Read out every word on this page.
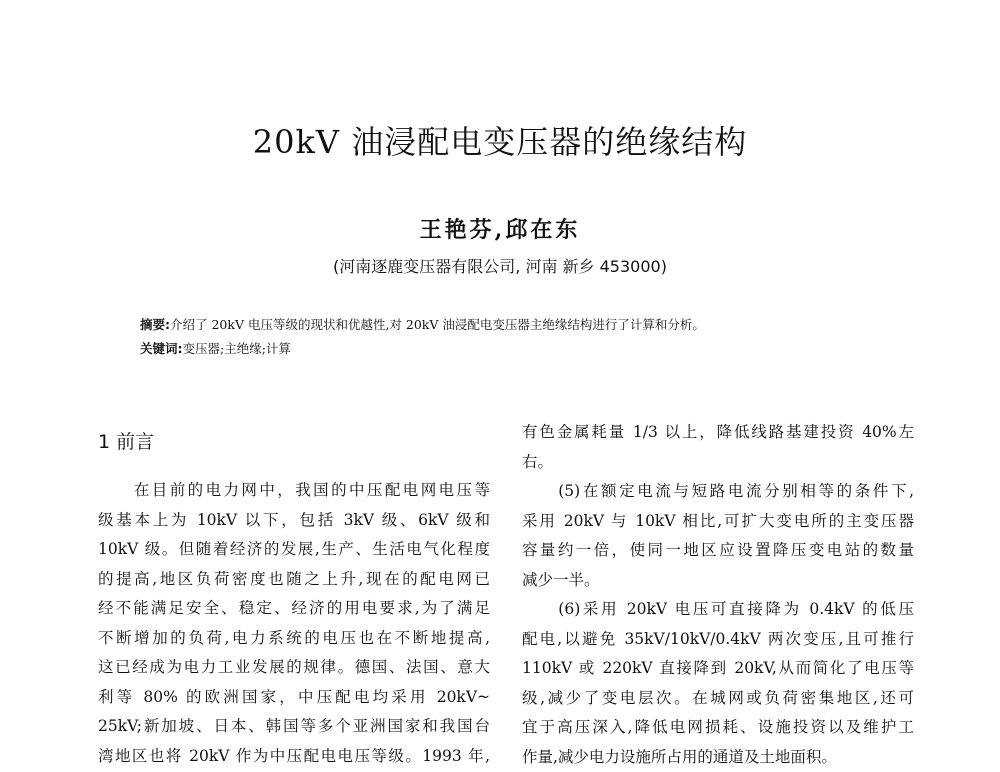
20kV 油浸配电变压器的绝缘结构
王艳芬,邱在东
(河南逐鹿变压器有限公司, 河南 新乡 453000)
摘要:介绍了 20kV 电压等级的现状和优越性,对 20kV 油浸配电变压器主绝缘结构进行了计算和分析。
关键词:变压器;主绝缘;计算
1 前言
　　在目前的电力网中，我国的中压配电网电压等
级基本上为 10kV 以下，包括 3kV 级、6kV 级和
10kV 级。但随着经济的发展,生产、生活电气化程度
的提高,地区负荷密度也随之上升,现在的配电网已
经不能满足安全、稳定、经济的用电要求,为了满足
不断增加的负荷,电力系统的电压也在不断地提高,
这已经成为电力工业发展的规律。德国、法国、意大
利等 80% 的欧洲国家，中压配电均采用 20kV~
25kV;新加坡、日本、韩国等多个亚洲国家和我国台
湾地区也将 20kV 作为中压配电电压等级。1993 年,
有色金属耗量 1/3 以上，降低线路基建投资 40%左
右。
　　(5)在额定电流与短路电流分别相等的条件下,
采用 20kV 与 10kV 相比,可扩大变电所的主变压器
容量约一倍，使同一地区应设置降压变电站的数量
减少一半。
　　(6)采用 20kV 电压可直接降为 0.4kV 的低压
配电,以避免 35kV/10kV/0.4kV 两次变压,且可推行
110kV 或 220kV 直接降到 20kV,从而简化了电压等
级,减少了变电层次。在城网或负荷密集地区,还可
宜于高压深入,降低电网损耗、设施投资以及维护工
作量,减少电力设施所占用的通道及土地面积。
